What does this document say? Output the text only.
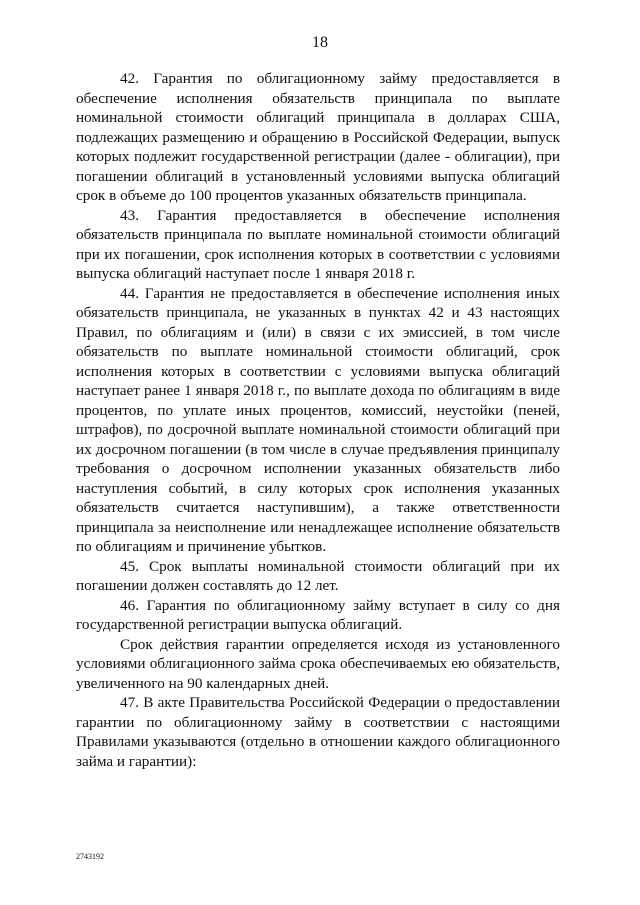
18

42. Гарантия по облигационному займу предоставляется в обеспечение исполнения обязательств принципала по выплате номинальной стоимости облигаций принципала в долларах США, подлежащих размещению и обращению в Российской Федерации, выпуск которых подлежит государственной регистрации (далее - облигации), при погашении облигаций в установленный условиями выпуска облигаций срок в объеме до 100 процентов указанных обязательств принципала.

43. Гарантия предоставляется в обеспечение исполнения обязательств принципала по выплате номинальной стоимости облигаций при их погашении, срок исполнения которых в соответствии с условиями выпуска облигаций наступает после 1 января 2018 г.

44. Гарантия не предоставляется в обеспечение исполнения иных обязательств принципала, не указанных в пунктах 42 и 43 настоящих Правил, по облигациям и (или) в связи с их эмиссией, в том числе обязательств по выплате номинальной стоимости облигаций, срок исполнения которых в соответствии с условиями выпуска облигаций наступает ранее 1 января 2018 г., по выплате дохода по облигациям в виде процентов, по уплате иных процентов, комиссий, неустойки (пеней, штрафов), по досрочной выплате номинальной стоимости облигаций при их досрочном погашении (в том числе в случае предъявления принципалу требования о досрочном исполнении указанных обязательств либо наступления событий, в силу которых срок исполнения указанных обязательств считается наступившим), а также ответственности принципала за неисполнение или ненадлежащее исполнение обязательств по облигациям и причинение убытков.

45. Срок выплаты номинальной стоимости облигаций при их погашении должен составлять до 12 лет.

46. Гарантия по облигационному займу вступает в силу со дня государственной регистрации выпуска облигаций.

Срок действия гарантии определяется исходя из установленного условиями облигационного займа срока обеспечиваемых ею обязательств, увеличенного на 90 календарных дней.

47. В акте Правительства Российской Федерации о предоставлении гарантии по облигационному займу в соответствии с настоящими Правилами указываются (отдельно в отношении каждого облигационного займа и гарантии):

2743192
